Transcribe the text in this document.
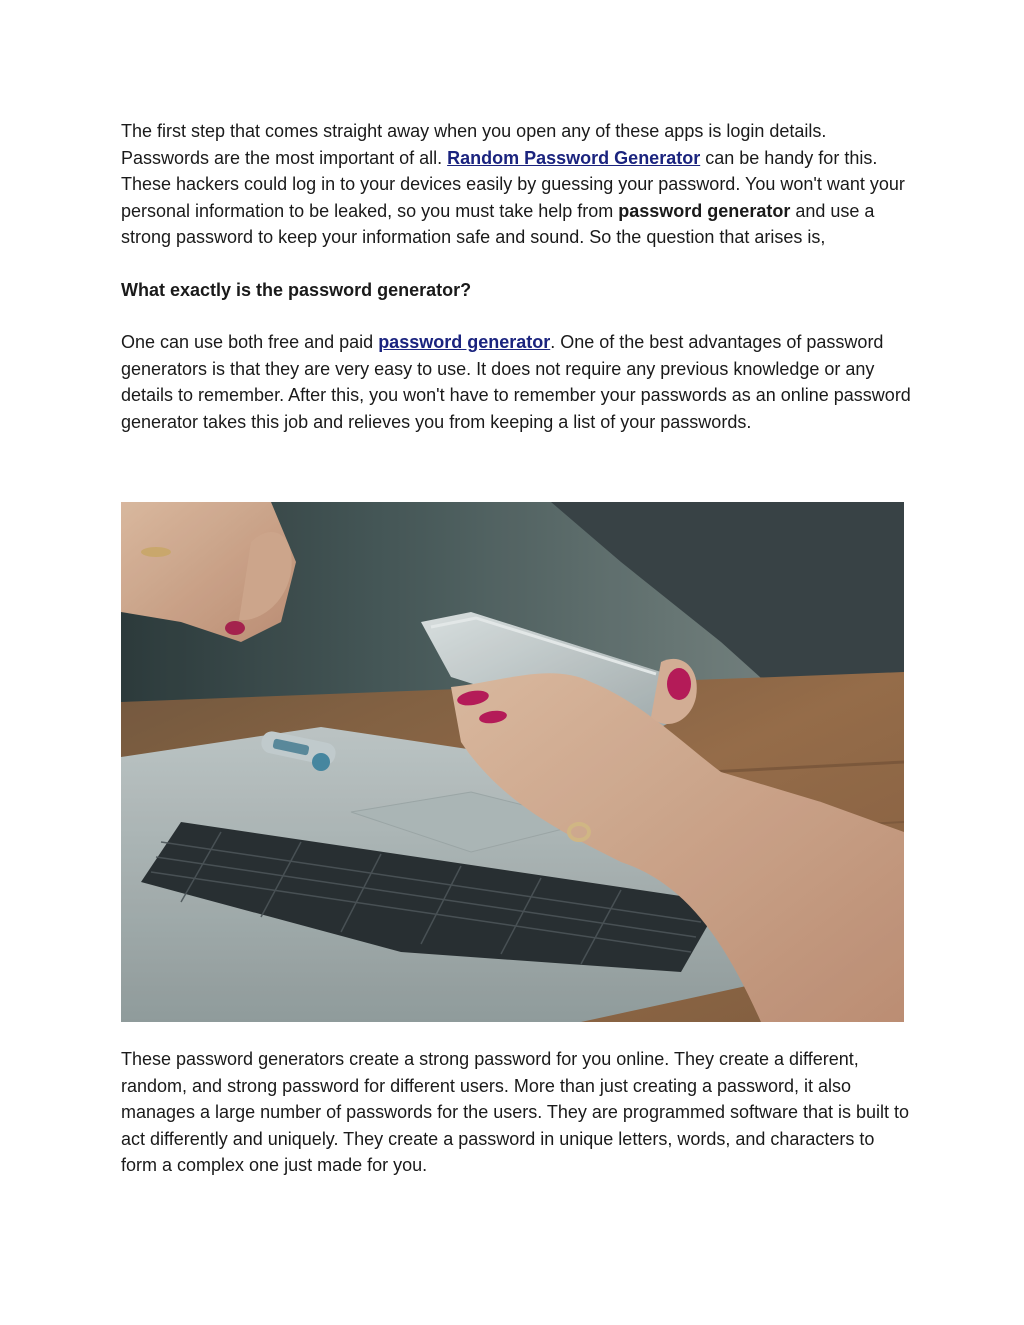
The first step that comes straight away when you open any of these apps is login details. Passwords are the most important of all. Random Password Generator can be handy for this. These hackers could log in to your devices easily by guessing your password. You won't want your personal information to be leaked, so you must take help from password generator and use a strong password to keep your information safe and sound. So the question that arises is,

What exactly is the password generator?

One can use both free and paid password generator. One of the best advantages of password generators is that they are very easy to use. It does not require any previous knowledge or any details to remember. After this, you won't have to remember your passwords as an online password generator takes this job and relieves you from keeping a list of your passwords.

These password generators create a strong password for you online. They create a different, random, and strong password for different users. More than just creating a password, it also manages a large number of passwords for the users. They are programmed software that is built to act differently and uniquely. They create a password in unique letters, words, and characters to form a complex one just made for you.
